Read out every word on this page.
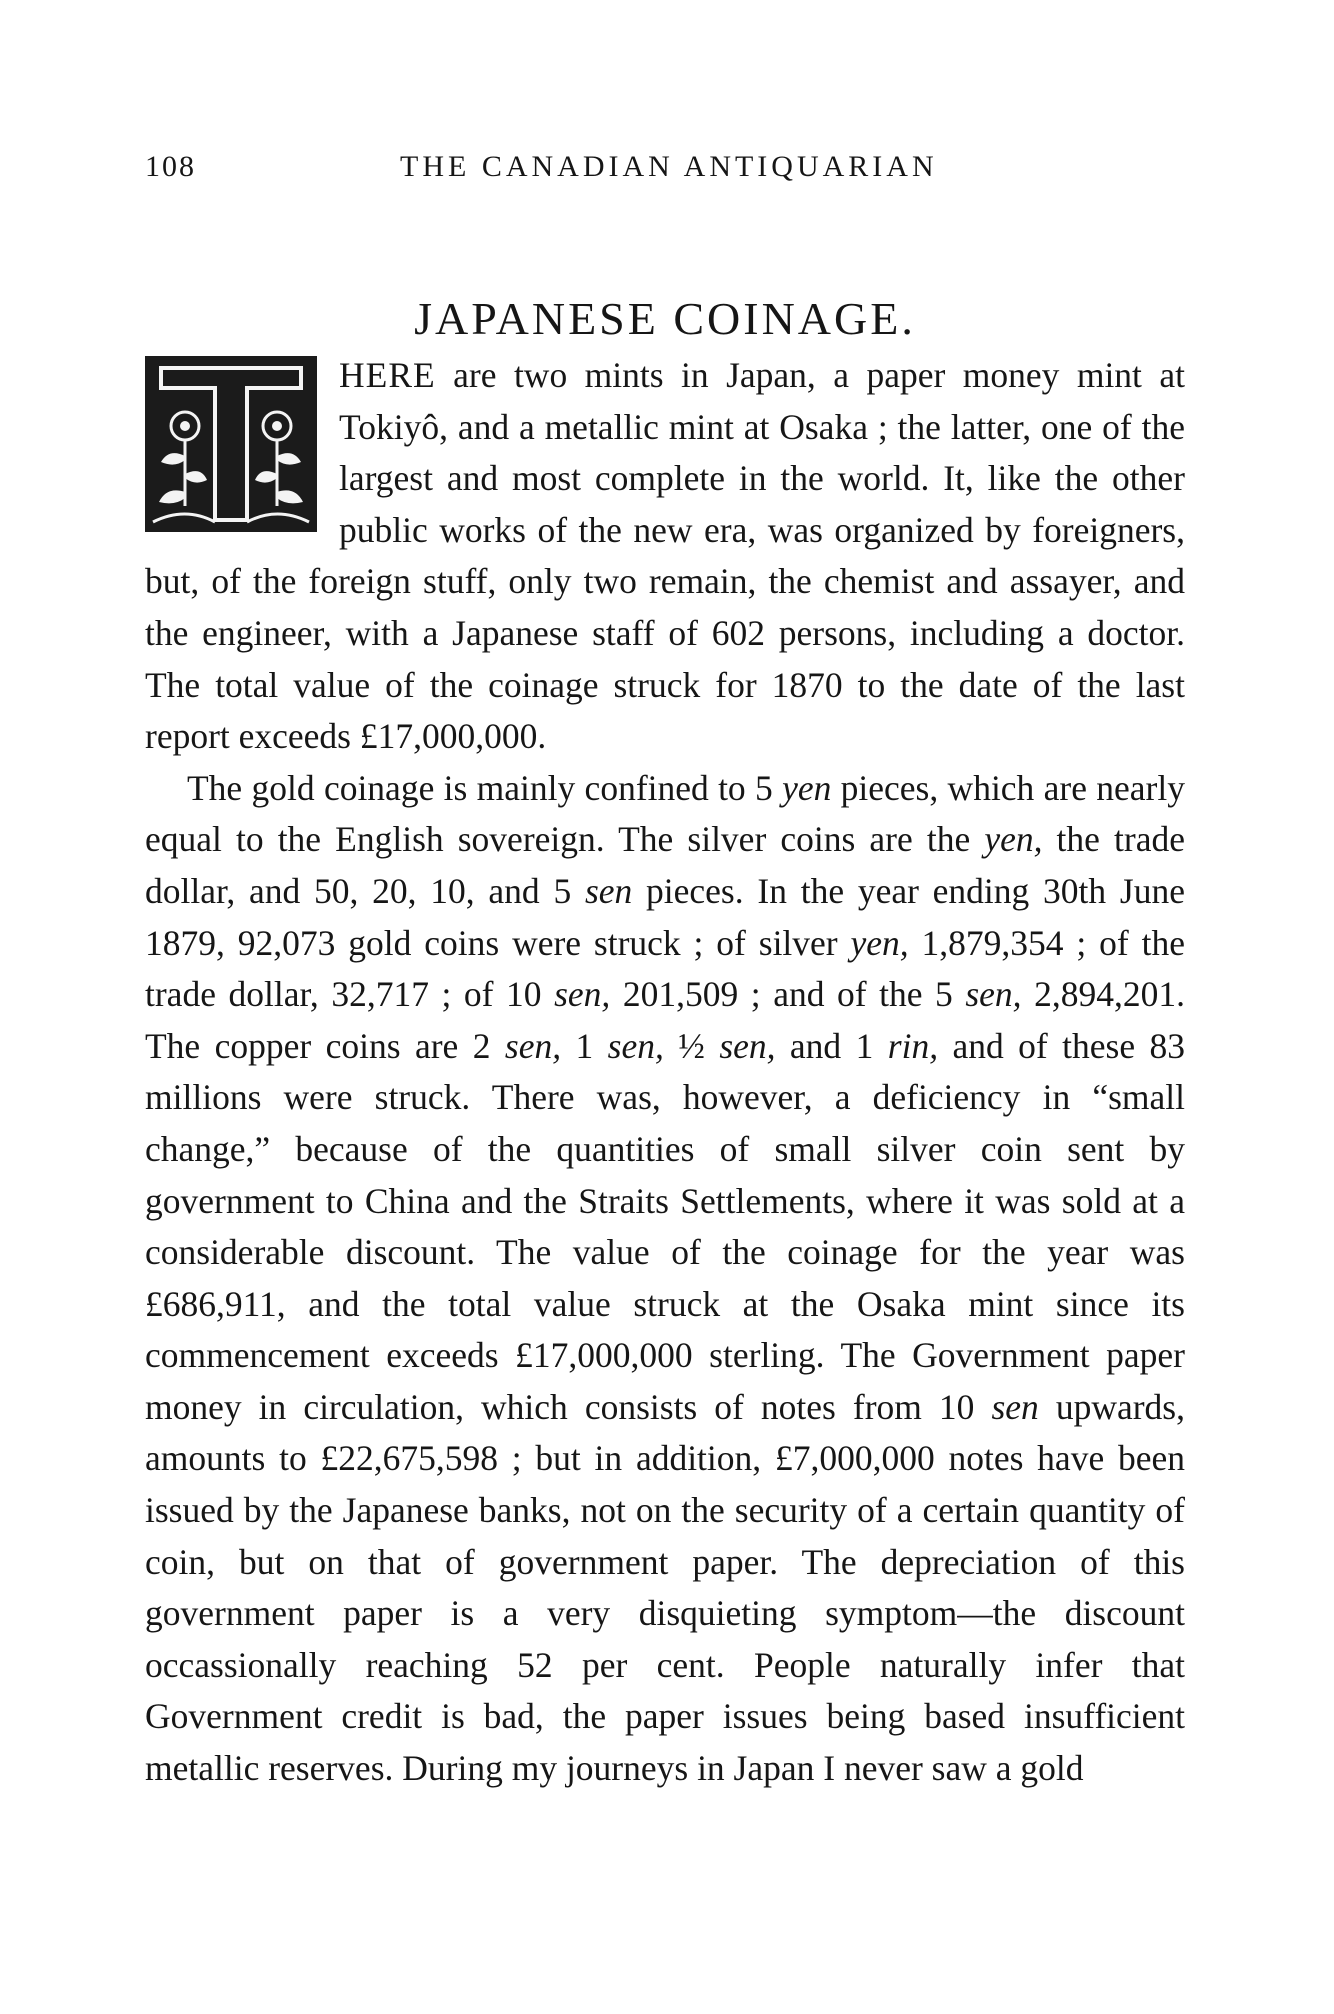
108	THE CANADIAN ANTIQUARIAN
JAPANESE COINAGE.

T	HERE are two mints in Japan, a paper money mint at Tokiyô, and a metallic mint at Osaka ; the latter, one of the largest and most complete in the world. It, like the other public works of the new era, was organized by foreigners, but, of the foreign stuff, only two remain, the chemist and assayer, and the engineer, with a Japanese staff of 602 persons, including a doctor. The total value of the coinage struck for 1870 to the date of the last report exceeds £17,000,000.

The gold coinage is mainly confined to 5 yen pieces, which are nearly equal to the English sovereign. The silver coins are the yen, the trade dollar, and 50, 20, 10, and 5 sen pieces. In the year ending 30th June 1879, 92,073 gold coins were struck ; of silver yen, 1,879,354 ; of the trade dollar, 32,717 ; of 10 sen, 201,509 ; and of the 5 sen, 2,894,201. The copper coins are 2 sen, 1 sen, ½ sen, and 1 rin, and of these 83 millions were struck. There was, however, a deficiency in “small change,” because of the quantities of small silver coin sent by government to China and the Straits Settlements, where it was sold at a considerable discount. The value of the coinage for the year was £686,911, and the total value struck at the Osaka mint since its commencement exceeds £17,000,000 sterling. The Government paper money in circulation, which consists of notes from 10 sen upwards, amounts to £22,675,598 ; but in addition, £7,000,000 notes have been issued by the Japanese banks, not on the security of a certain quantity of coin, but on that of government paper. The depreciation of this government paper is a very disquieting symptom—the discount occassionally reaching 52 per cent. People naturally infer that Government credit is bad, the paper issues being based insufficient metallic reserves. During my journeys in Japan I never saw a gold
